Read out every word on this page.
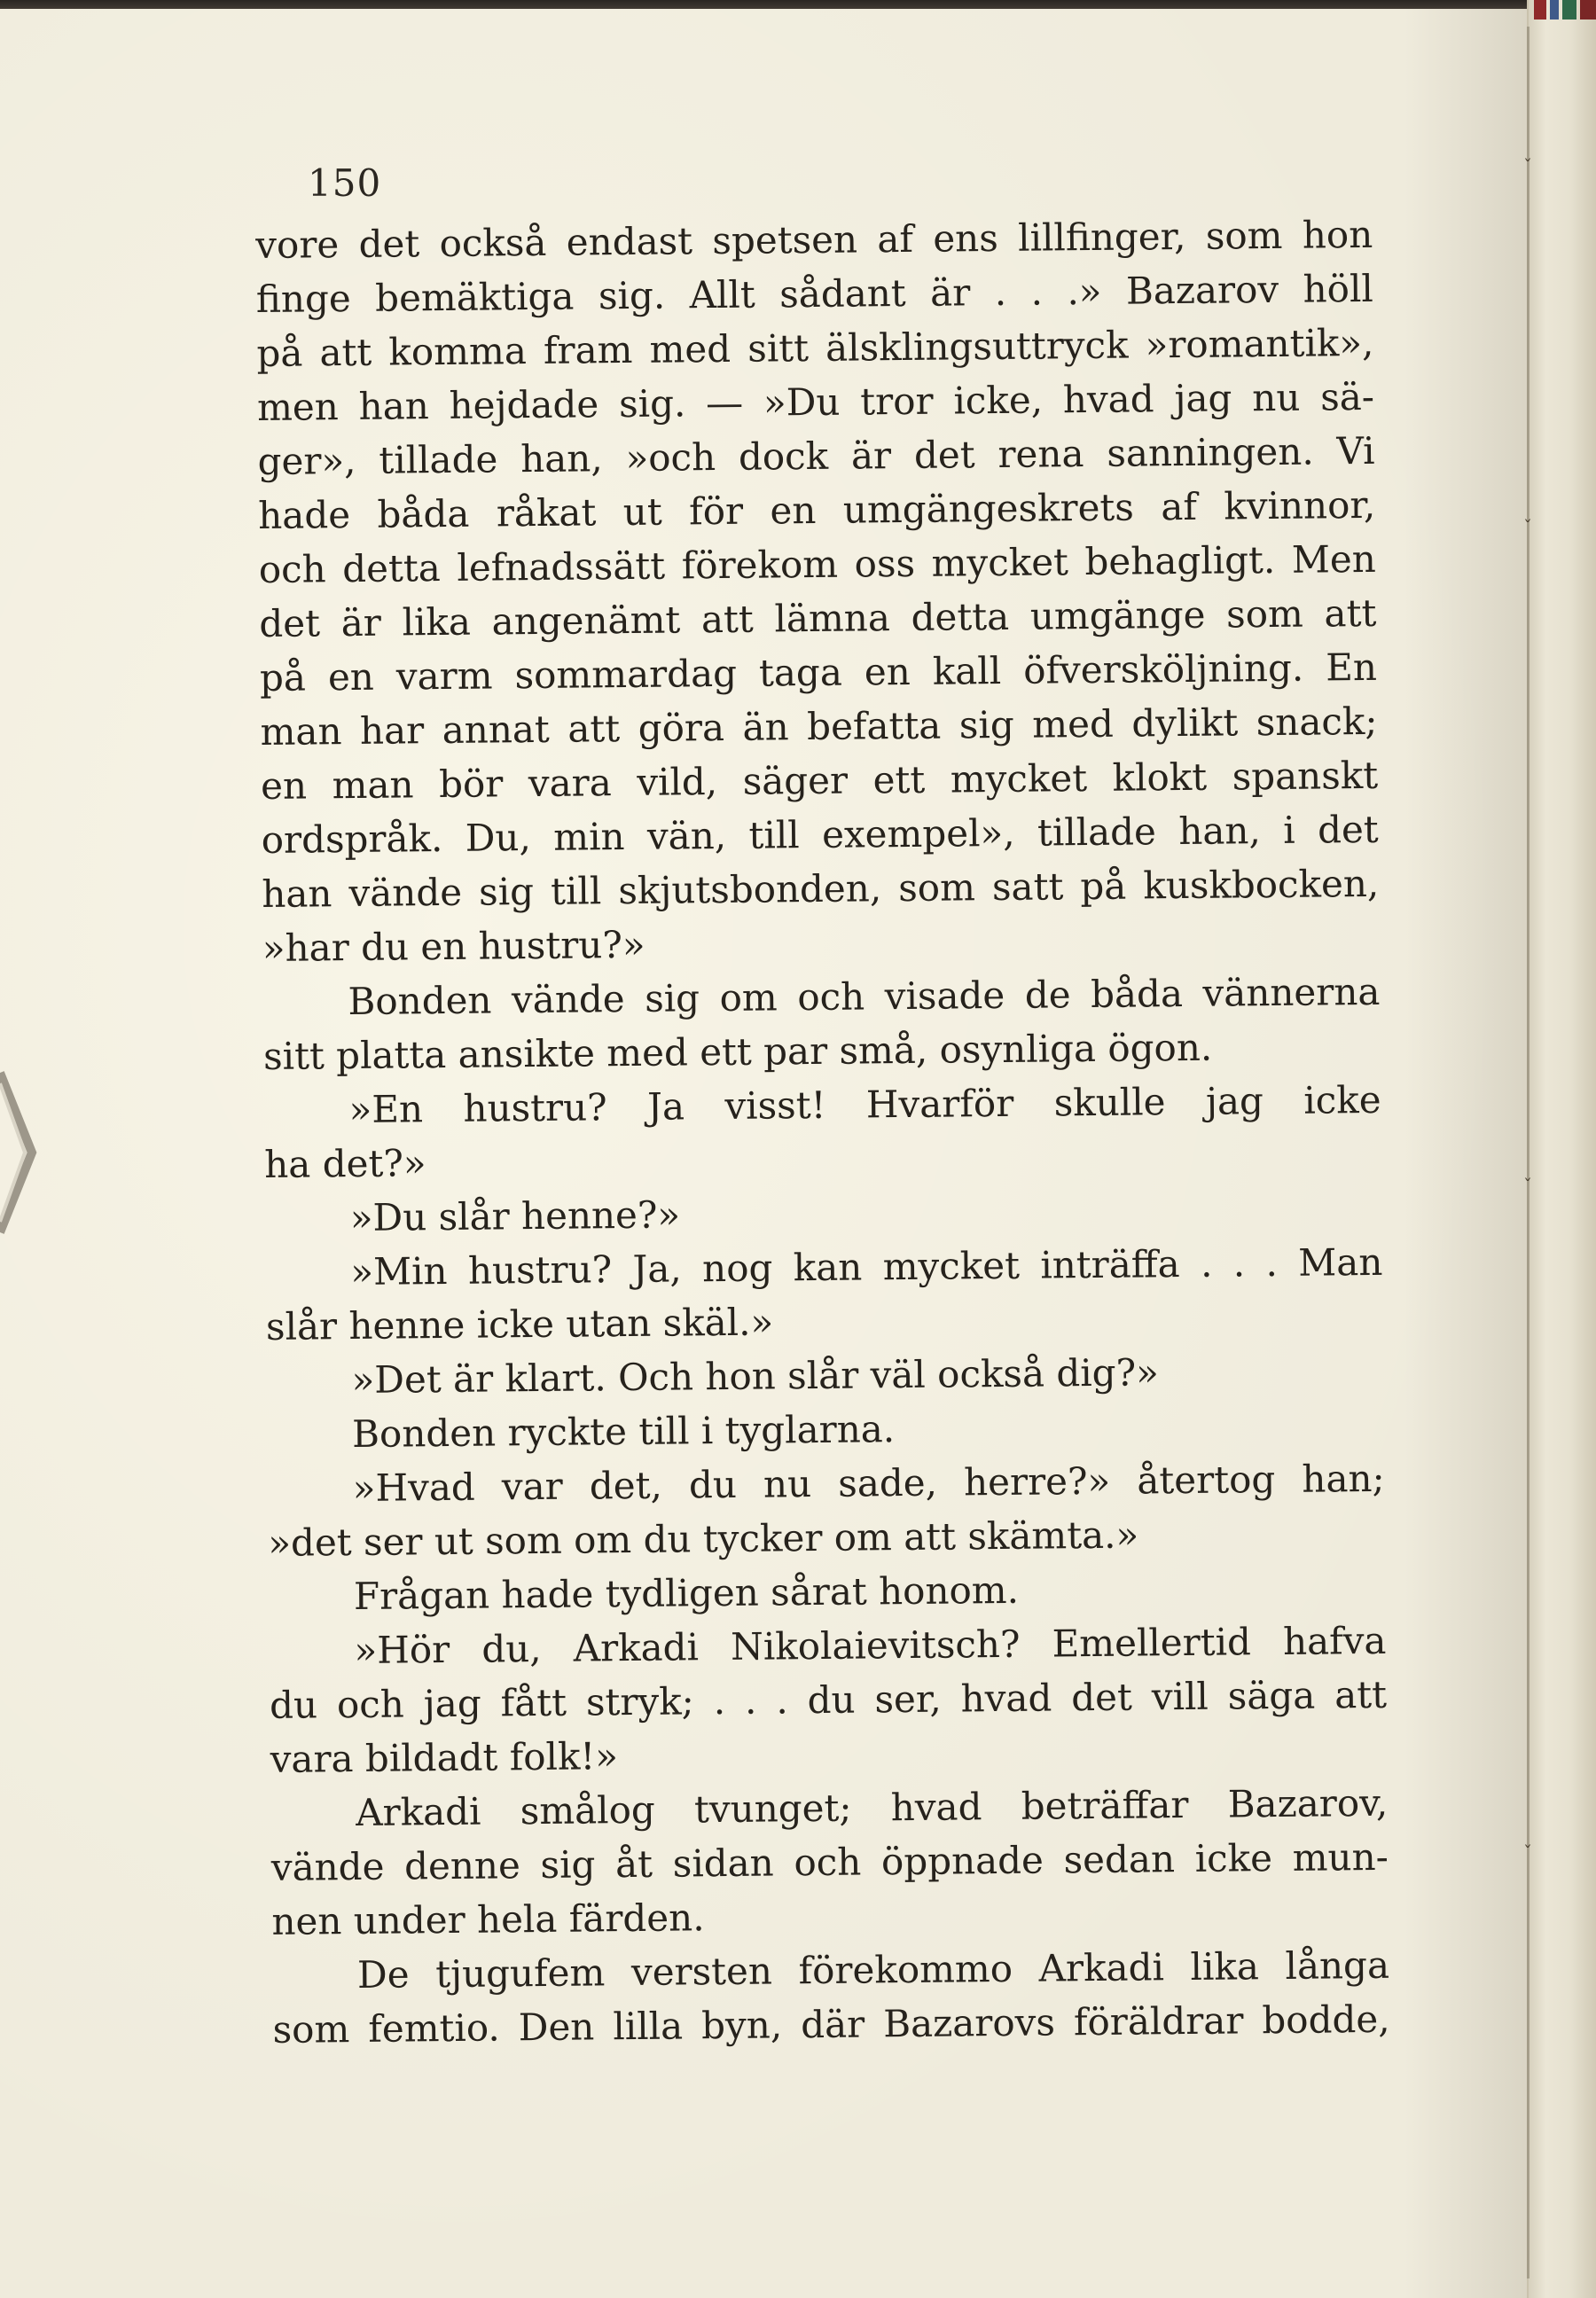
150
vore det också endast spetsen af ens lillfinger, som hon
finge bemäktiga sig. Allt sådant är . . .» Bazarov höll
på att komma fram med sitt älsklingsuttryck »romantik»,
men han hejdade sig. — »Du tror icke, hvad jag nu sä-
ger», tillade han, »och dock är det rena sanningen. Vi
hade båda råkat ut för en umgängeskrets af kvinnor,
och detta lefnadssätt förekom oss mycket behagligt. Men
det är lika angenämt att lämna detta umgänge som att
på en varm sommardag taga en kall öfversköljning. En
man har annat att göra än befatta sig med dylikt snack;
en man bör vara vild, säger ett mycket klokt spanskt
ordspråk. Du, min vän, till exempel», tillade han, i det
han vände sig till skjutsbonden, som satt på kuskbocken,
»har du en hustru?»
Bonden vände sig om och visade de båda vännerna
sitt platta ansikte med ett par små, osynliga ögon.
»En hustru? Ja visst! Hvarför skulle jag icke
ha det?»
»Du slår henne?»
»Min hustru? Ja, nog kan mycket inträffa . . . Man
slår henne icke utan skäl.»
»Det är klart. Och hon slår väl också dig?»
Bonden ryckte till i tyglarna.
»Hvad var det, du nu sade, herre?» återtog han;
»det ser ut som om du tycker om att skämta.»
Frågan hade tydligen sårat honom.
»Hör du, Arkadi Nikolaievitsch? Emellertid hafva
du och jag fått stryk; . . . du ser, hvad det vill säga att
vara bildadt folk!»
Arkadi smålog tvunget; hvad beträffar Bazarov,
vände denne sig åt sidan och öppnade sedan icke mun-
nen under hela färden.
De tjugufem versten förekommo Arkadi lika långa
som femtio. Den lilla byn, där Bazarovs föräldrar bodde,
ˇ
ˇ
ˇ
ˇ
